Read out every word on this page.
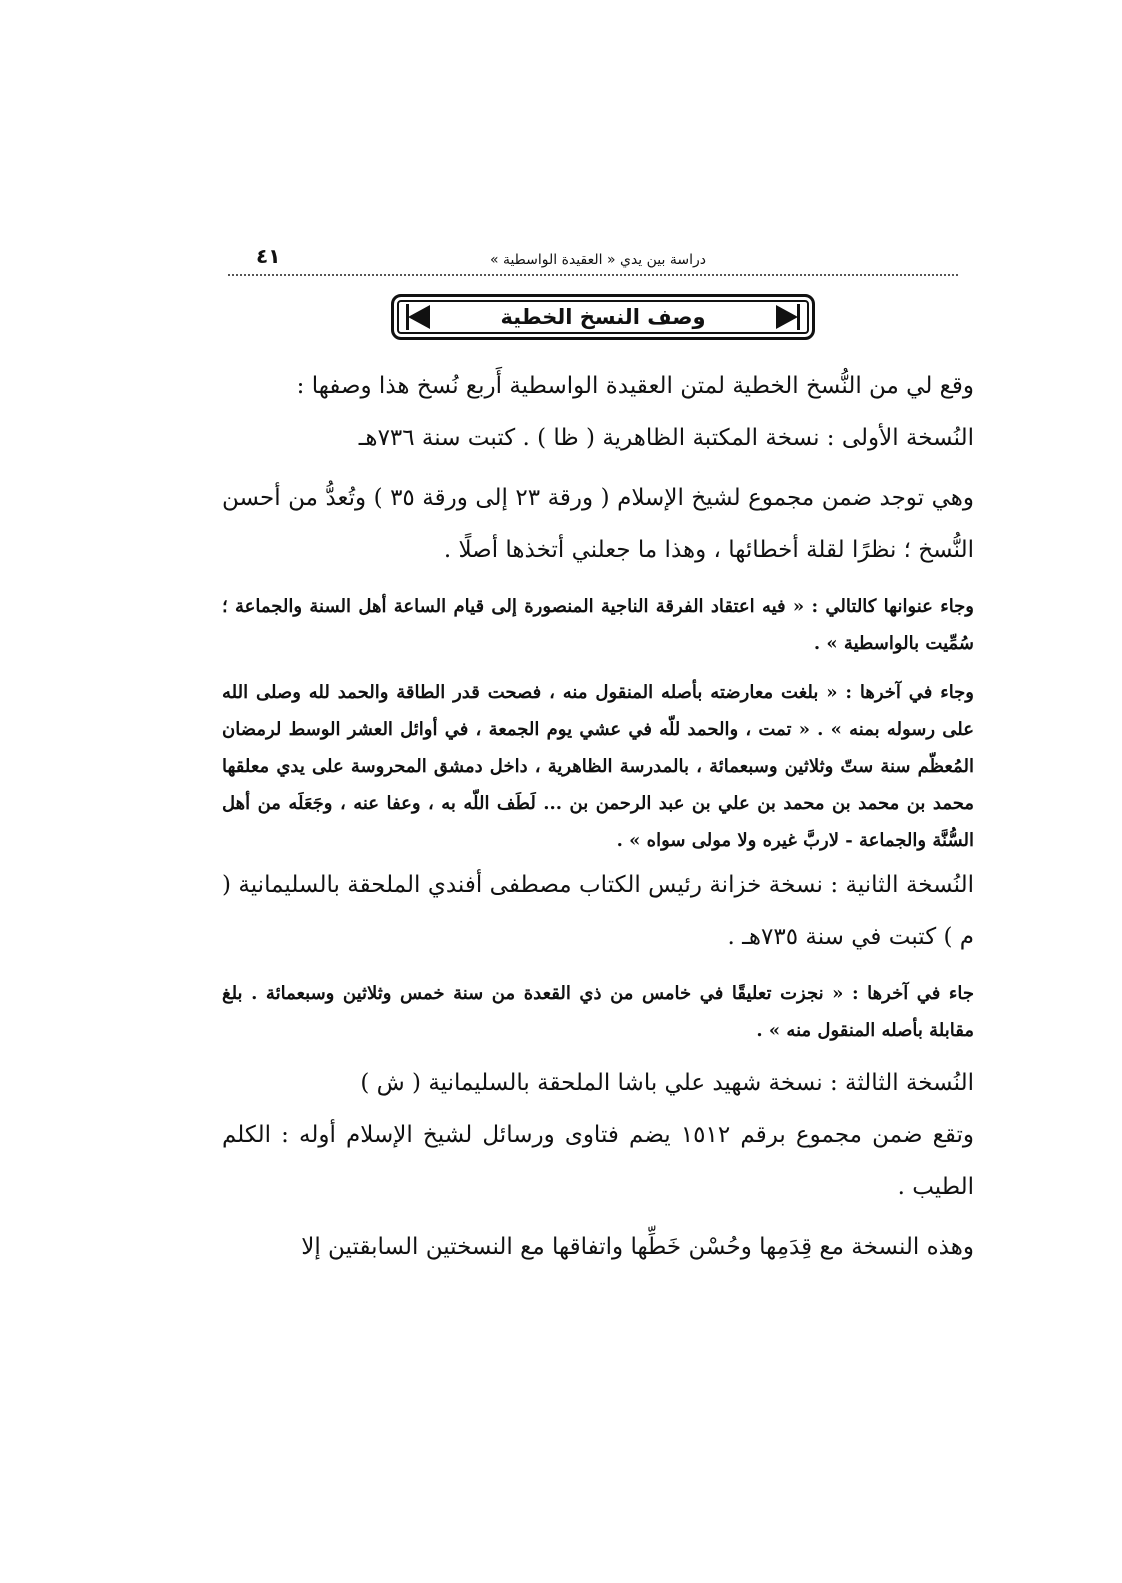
دراسة بين يدي « العقيدة الواسطية »
٤١
وصف النسخ الخطية

وقع لي من النُّسخ الخطية لمتن العقيدة الواسطية أَربع نُسخ هذا وصفها :

النُسخة الأولى : نسخة المكتبة الظاهرية ( ظا ) . كتبت سنة ٧٣٦هـ

وهي توجد ضمن مجموع لشيخ الإسلام ( ورقة ٢٣ إلى ورقة ٣٥ ) وتُعدُّ من أحسن النُّسخ ؛ نظرًا لقلة أخطائها ، وهذا ما جعلني أتخذها أصلًا .

وجاء عنوانها كالتالي : « فيه اعتقاد الفرقة الناجية المنصورة إلى قيام الساعة أهل السنة والجماعة ؛ سُمِّيت بالواسطية » .

وجاء في آخرها : « بلغت معارضته بأصله المنقول منه ، فصحت قدر الطاقة والحمد لله وصلى الله على رسوله بمنه » . « تمت ، والحمد للّه في عشي يوم الجمعة ، في أوائل العشر الوسط لرمضان المُعظّم سنة ستّ وثلاثين وسبعمائة ، بالمدرسة الظاهرية ، داخل دمشق المحروسة على يدي معلقها محمد بن محمد بن محمد بن علي بن عبد الرحمن بن ... لَطَف اللّه به ، وعفا عنه ، وجَعَلَه من أهل السُّنَّة والجماعة - لاربَّ غيره ولا مولى سواه » .

النُسخة الثانية : نسخة خزانة رئيس الكتاب مصطفى أفندي الملحقة بالسليمانية ( م ) كتبت في سنة ٧٣٥هـ .

جاء في آخرها : « نجزت تعليقًا في خامس من ذي القعدة من سنة خمس وثلاثين وسبعمائة . بلغ مقابلة بأصله المنقول منه » .

النُسخة الثالثة : نسخة شهيد علي باشا الملحقة بالسليمانية ( ش )

وتقع ضمن مجموع برقم ١٥١٢ يضم فتاوى ورسائل لشيخ الإسلام أوله : الكلم الطيب .

وهذه النسخة مع قِدَمِها وحُسْن خَطِّها واتفاقها مع النسختين السابقتين إلا
